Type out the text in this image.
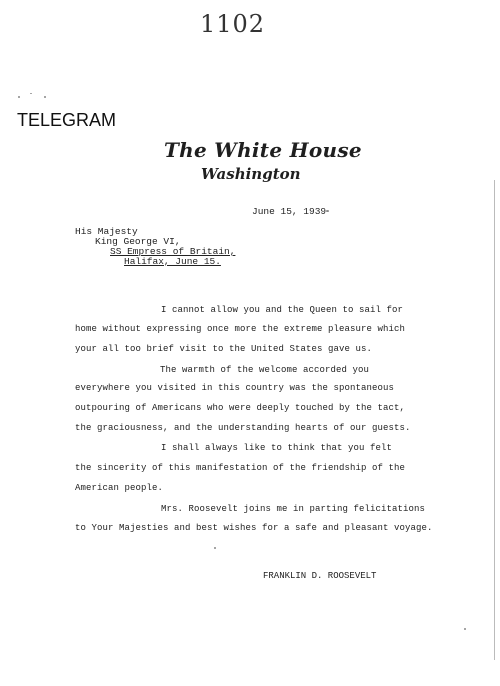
1102
TELEGRAM
The White House
Washington
June 15, 1939
His Majesty
King George VI,
SS Empress of Britain,
Halifax, June 15.
I cannot allow you and the Queen to sail for
home without expressing once more the extreme pleasure which
your all too brief visit to the United States gave us.
The warmth of the welcome accorded you
everywhere you visited in this country was the spontaneous
outpouring of Americans who were deeply touched by the tact,
the graciousness, and the understanding hearts of our guests.
I shall always like to think that you felt
the sincerity of this manifestation of the friendship of the
American people.
Mrs. Roosevelt joins me in parting felicitations
to Your Majesties and best wishes for a safe and pleasant voyage.
FRANKLIN D. ROOSEVELT
